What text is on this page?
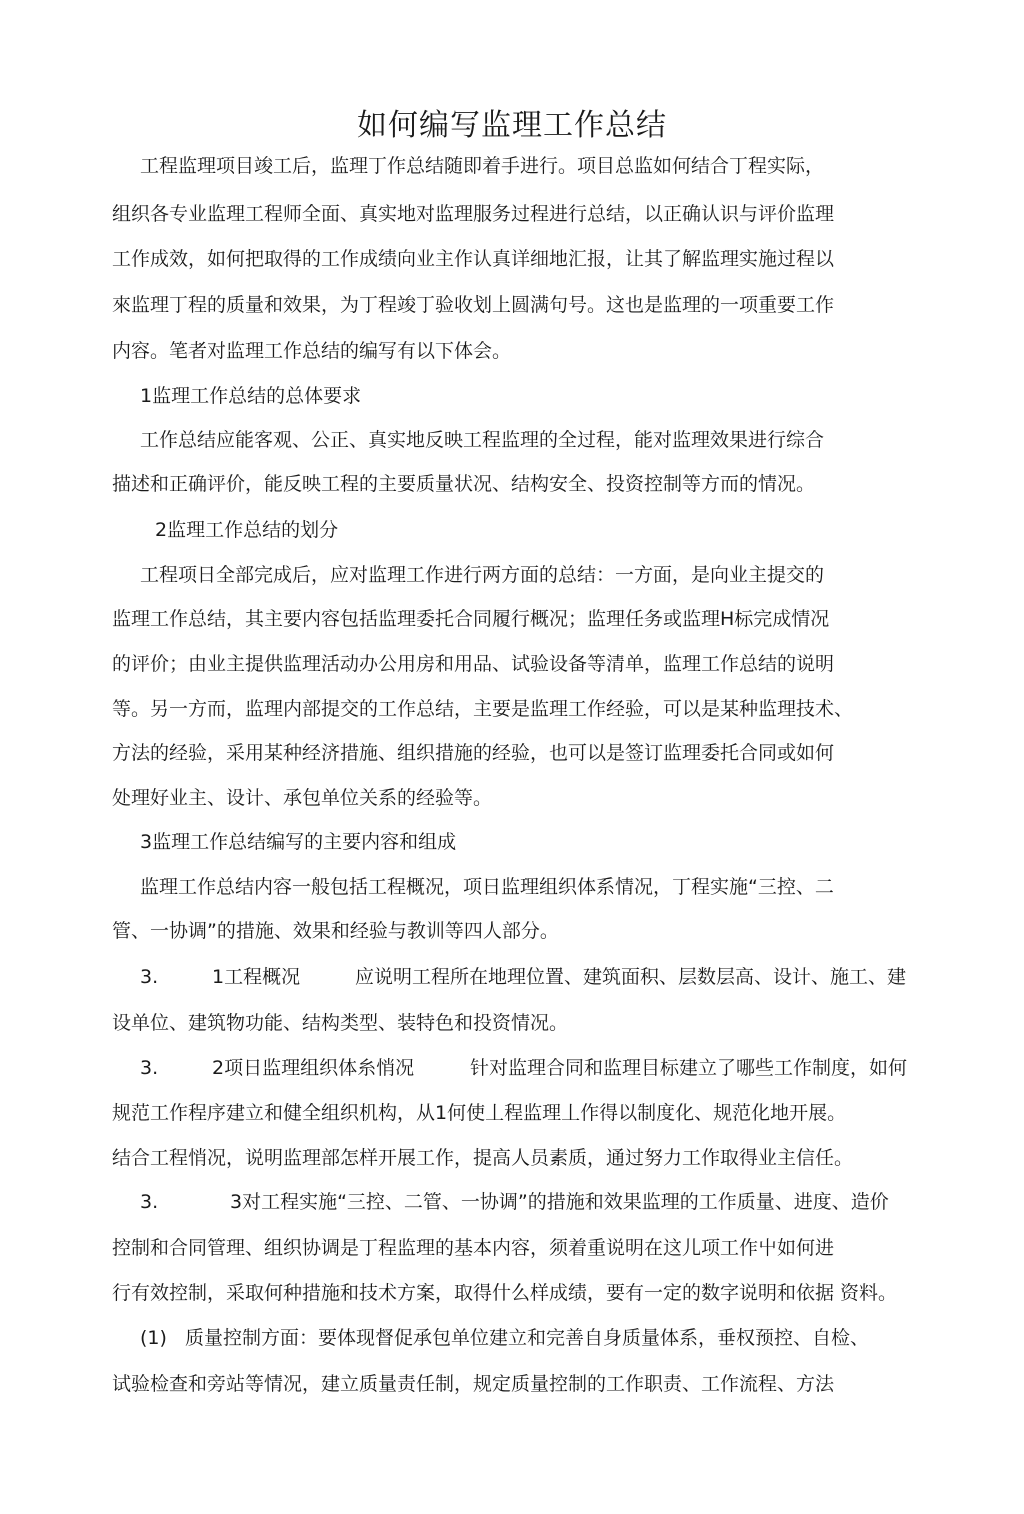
如何编写监理工作总结
工程监理项目竣工后，监理丁作总结随即着手进行。项目总监如何结合丁程实际，
组织各专业监理工程师全面、真实地对监理服务过程进行总结，以正确认识与评价监理
工作成效，如何把取得的工作成绩向业主作认真详细地汇报，让其了解监理实施过程以
來监理丁程的质量和效果，为丁程竣丁验收划上圆满句号。这也是监理的一项重要工作
内容。笔者对监理工作总结的编写有以下体会。
1监理工作总结的总体要求
工作总结应能客观、公正、真实地反映工程监理的全过程，能对监理效果进行综合
描述和正确评价，能反映工程的主要质量状况、结构安全、投资控制等方而的情况。
2监理工作总结的划分
工程项日全部完成后，应对监理工作进行两方面的总结：一方面，是向业主提交的
监理工作总结，其主要内容包括监理委托合同履行概况；监理任务或监理H标完成情况
的评价；由业主提供监理活动办公用房和用品、试验设备等清单，监理工作总结的说明
等。另一方而，监理内部提交的工作总结，主要是监理工作经验，可以是某种监理技术、
方法的经验，采用某种经济措施、组织措施的经验，也可以是签订监理委托合同或如何
处理好业主、设计、承包单位关系的经验等。
3监理工作总结编写的主要内容和组成
监理工作总结内容一般包括工程概况，项日监理组织体系情况，丁程实施“三控、二
管、一协调”的措施、效果和经验与教训等四人部分。
3.	1工程概况	应说明工程所在地理位置、建筑面积、层数层高、设计、施工、建
设单位、建筑物功能、结构类型、装特色和投资情况。
3.	2项日监理组织体糸悄况	针对监理合同和监理目标建立了哪些工作制度，如何
规范工作程序建立和健全组织机构，从1何使丄程监理丄作得以制度化、规范化地开展。
结合工程悄况，说明监理部怎样开展工作，提高人员素质，通过努力工作取得业主信任。
3.	3对工程实施“三控、二管、一协调”的措施和效果监理的工作质量、进度、造价
控制和合同管理、组织协调是丁程监理的基本内容，须着重说明在这儿项工作屮如何进
行有效控制，采取何种措施和技术方案，取得什么样成绩，要有一定的数字说明和依据 资料。
(1) 质量控制方面：要体现督促承包单位建立和完善自身质量体系，垂权预控、自检、
试验检查和旁站等情况，建立质量责任制，规定质量控制的工作职责、工作流程、方法
